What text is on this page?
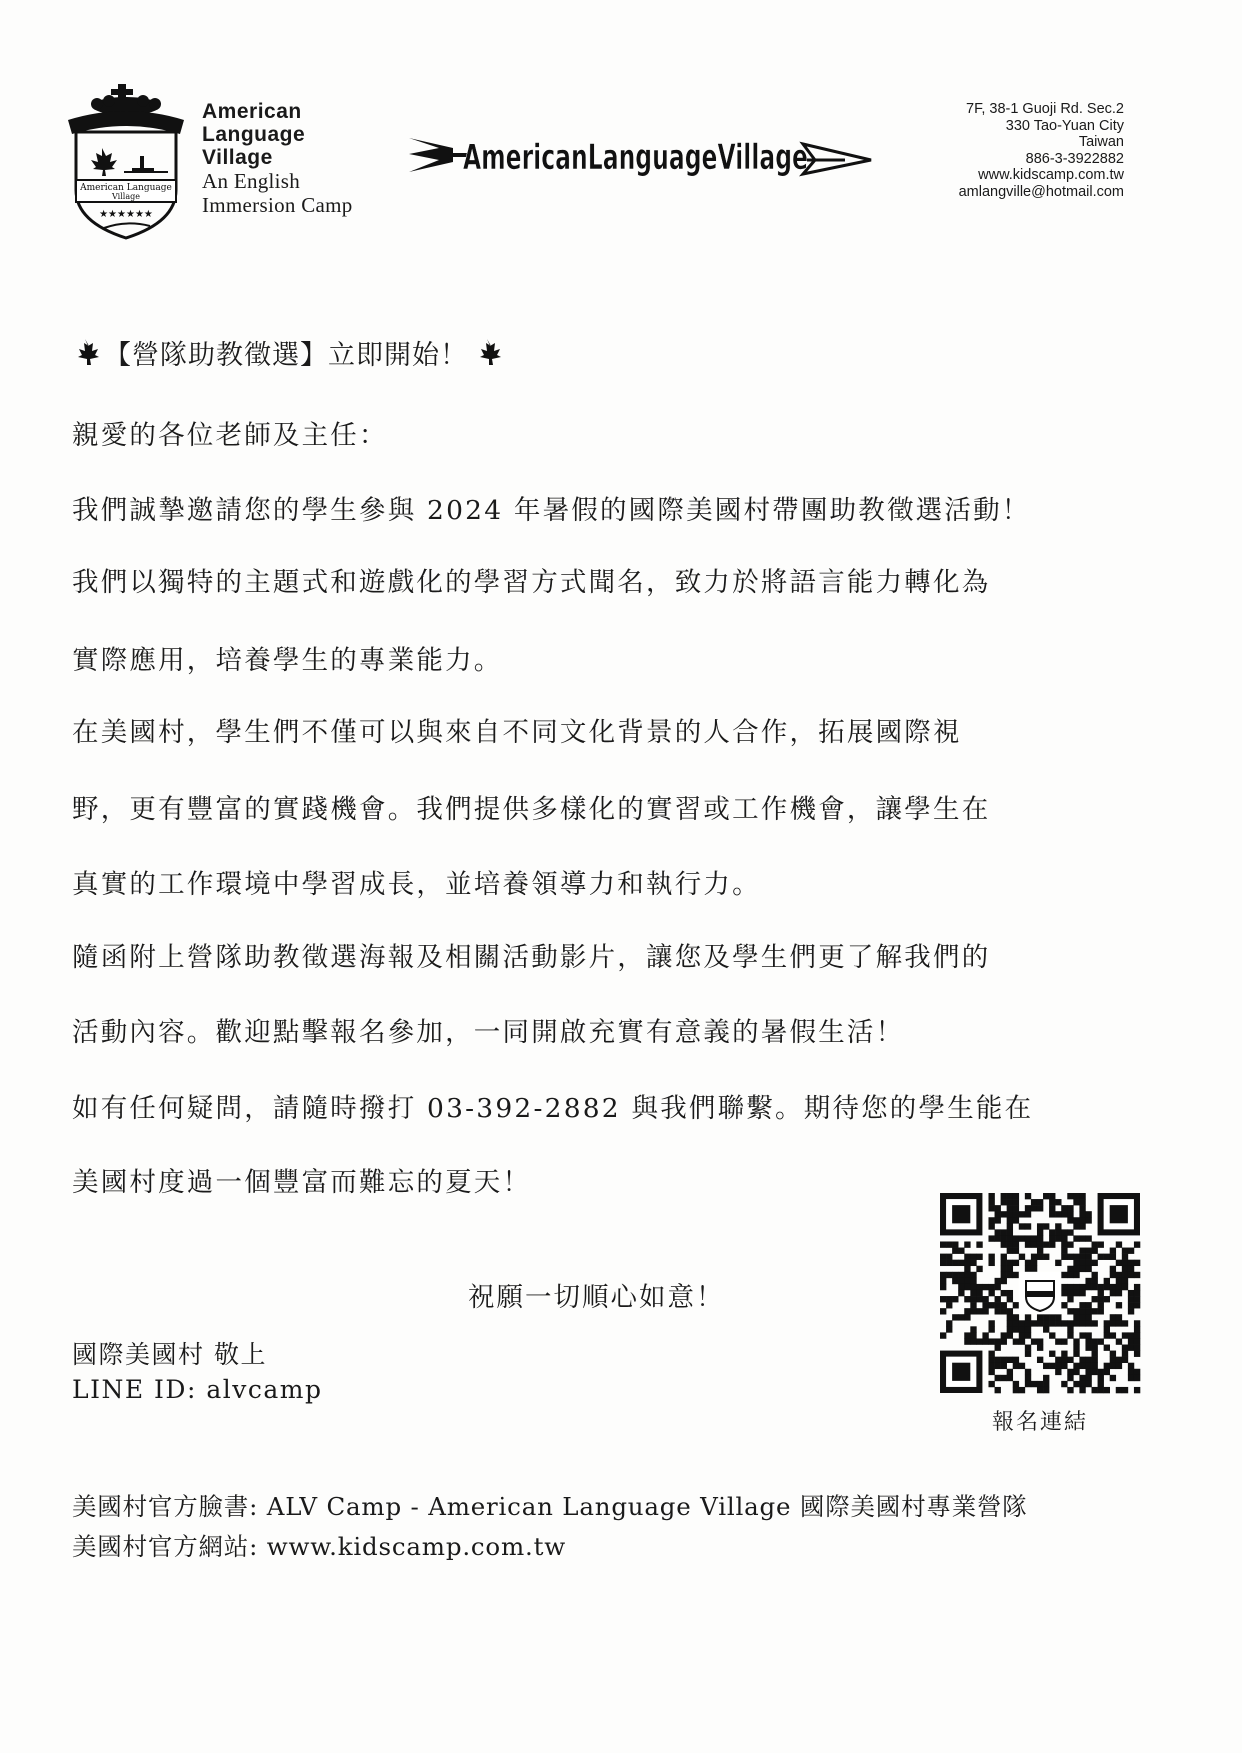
American Language
Village
★★★★★★
American
Language
Village
An English
Immersion Camp
AmericanLanguageVillage
7F, 38-1 Guoji Rd. Sec.2
330 Tao-Yuan City
Taiwan
886-3-3922882
www.kidscamp.com.tw
amlangville@hotmail.com
【營隊助教徵選】立即開始！
親愛的各位老師及主任：
我們誠摯邀請您的學生參與 2024 年暑假的國際美國村帶團助教徵選活動！
我們以獨特的主題式和遊戲化的學習方式聞名，致力於將語言能力轉化為
實際應用，培養學生的專業能力。
在美國村，學生們不僅可以與來自不同文化背景的人合作，拓展國際視
野，更有豐富的實踐機會。我們提供多樣化的實習或工作機會，讓學生在
真實的工作環境中學習成長，並培養領導力和執行力。
隨函附上營隊助教徵選海報及相關活動影片，讓您及學生們更了解我們的
活動內容。歡迎點擊報名參加，一同開啟充實有意義的暑假生活！
如有任何疑問，請隨時撥打 03-392-2882 與我們聯繫。期待您的學生能在
美國村度過一個豐富而難忘的夏天！
祝願一切順心如意！
國際美國村 敬上
LINE ID: alvcamp
報名連結
美國村官方臉書: ALV Camp - American Language Village 國際美國村專業營隊
美國村官方網站: www.kidscamp.com.tw
